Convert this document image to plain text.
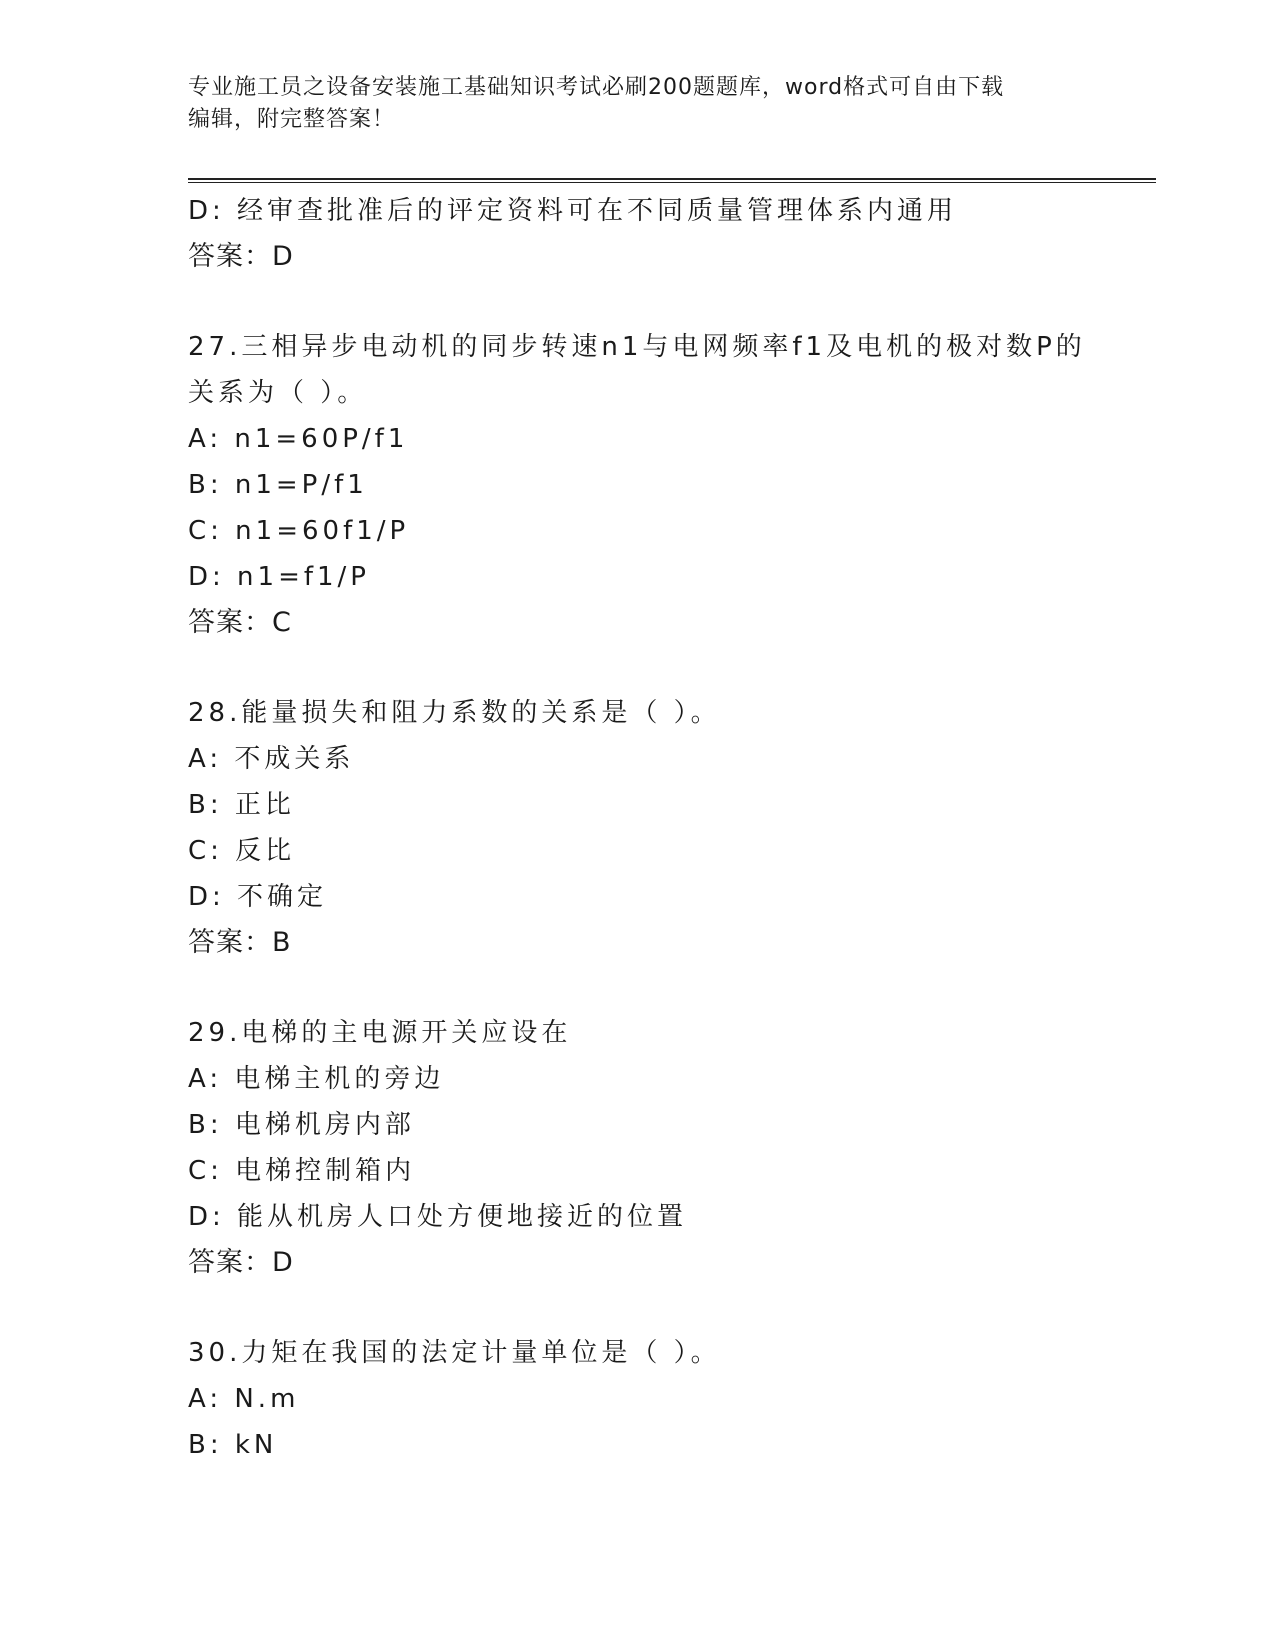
专业施工员之设备安装施工基础知识考试必刷200题题库，word格式可自由下载
编辑，附完整答案！
D: 经审查批准后的评定资料可在不同质量管理体系内通用
答案：D
27.三相异步电动机的同步转速n1与电网频率f1及电机的极对数P的
关系为（ ）。
A: n1=60P/f1
B: n1=P/f1
C: n1=60f1/P
D: n1=f1/P
答案：C
28.能量损失和阻力系数的关系是（ ）。
A: 不成关系
B: 正比
C: 反比
D: 不确定
答案：B
29.电梯的主电源开关应设在
A: 电梯主机的旁边
B: 电梯机房内部
C: 电梯控制箱内
D: 能从机房人口处方便地接近的位置
答案：D
30.力矩在我国的法定计量单位是（ ）。
A: N.m
B: kN
